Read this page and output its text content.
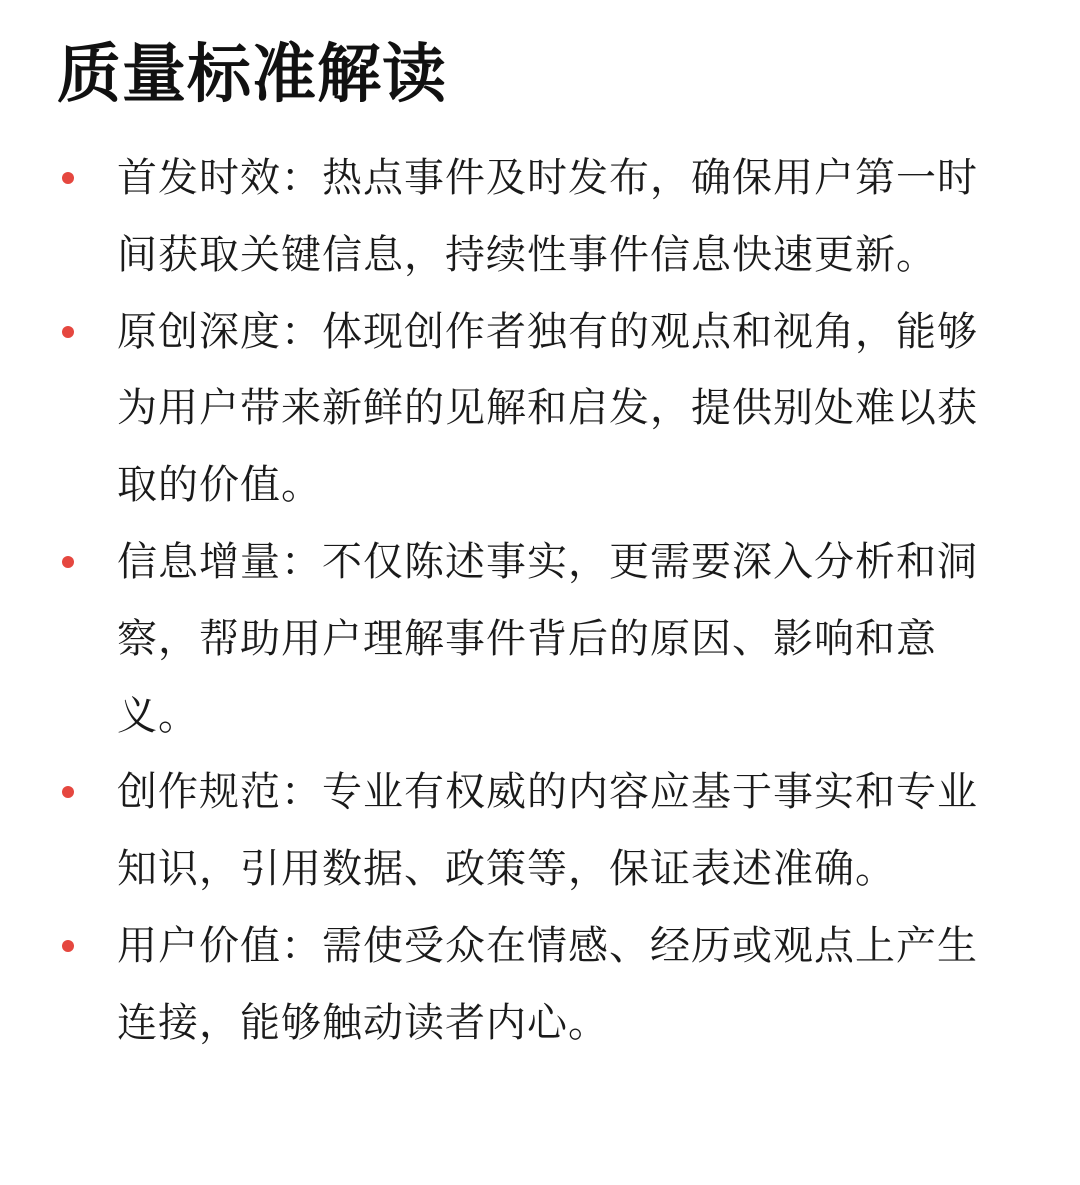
质量标准解读
首发时效：热点事件及时发布，确保用户第一时间获取关键信息，持续性事件信息快速更新。
原创深度：体现创作者独有的观点和视角，能够为用户带来新鲜的见解和启发，提供别处难以获取的价值。
信息增量：不仅陈述事实，更需要深入分析和洞察，帮助用户理解事件背后的原因、影响和意义。
创作规范：专业有权威的内容应基于事实和专业知识，引用数据、政策等，保证表述准确。
用户价值：需使受众在情感、经历或观点上产生连接，能够触动读者内心。
